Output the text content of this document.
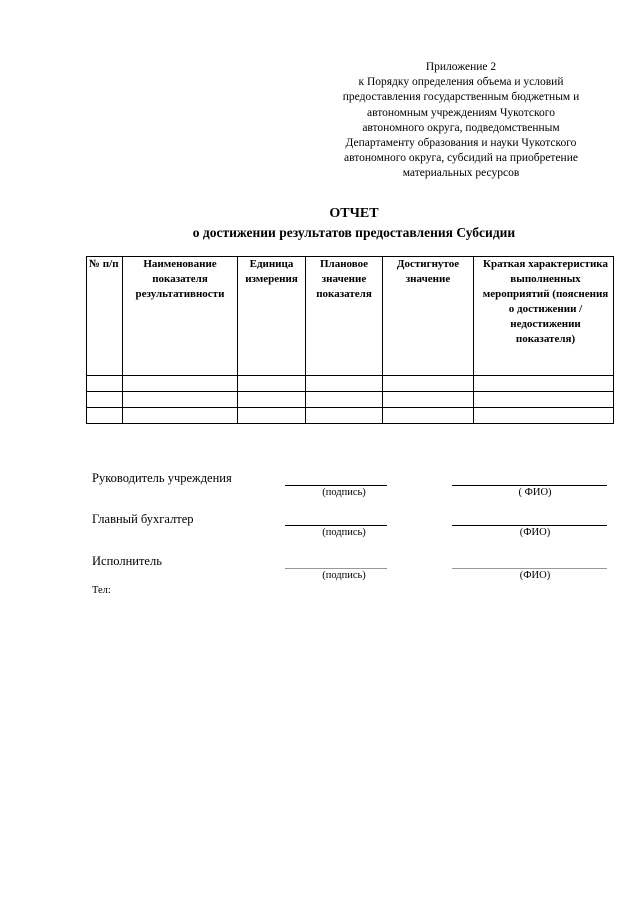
Приложение 2
к Порядку определения объема и условий
предоставления государственным бюджетным и
автономным учреждениям Чукотского
автономного округа, подведомственным
Департаменту образования и науки Чукотского
автономного округа, субсидий на приобретение
материальных ресурсов
ОТЧЕТ
о достижении результатов предоставления Субсидии
№ п/п	Наименование показателя результативности	Единица измерения	Плановое значение показателя	Достигнутое значение	Краткая характеристика выполненных мероприятий (пояснения о достижении /недостижении показателя)

Руководитель учреждения
(подпись)	( ФИО)
Главный бухгалтер
(подпись)	(ФИО)
Исполнитель
(подпись)	(ФИО)
Тел:
